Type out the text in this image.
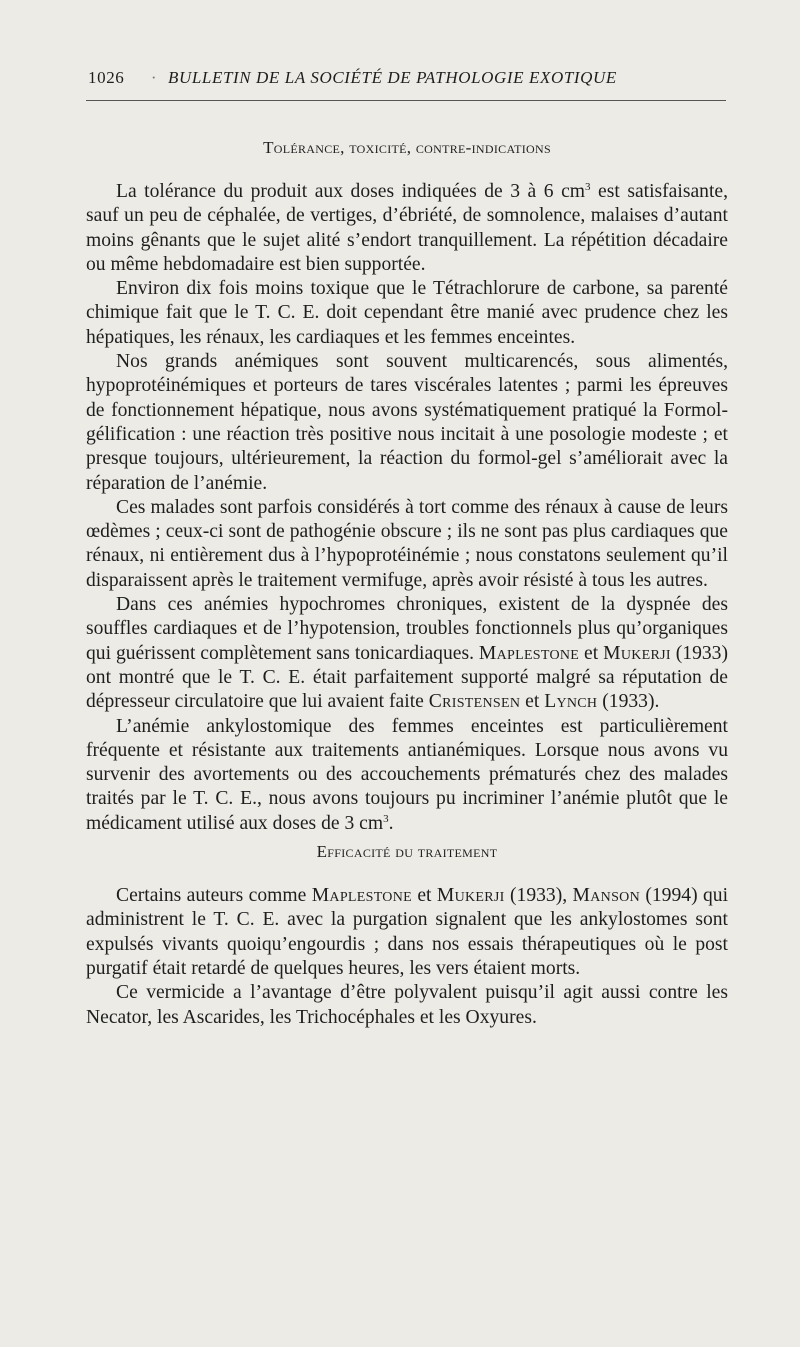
1026 · BULLETIN DE LA SOCIÉTÉ DE PATHOLOGIE EXOTIQUE
Tolérance, toxicité, contre-indications

La tolérance du produit aux doses indiquées de 3 à 6 $cm^3$ est satisfaisante, sauf un peu de céphalée, de vertiges, d’ébriété, de somnolence, malaises d’autant moins gênants que le sujet alité s’endort tranquillement. La répétition décadaire ou même hebdomadaire est bien supportée.

Environ dix fois moins toxique que le Tétrachlorure de carbone, sa parenté chimique fait que le T. C. E. doit cependant être manié avec prudence chez les hépatiques, les rénaux, les cardiaques et les femmes enceintes.

Nos grands anémiques sont souvent multicarencés, sous alimentés, hypoprotéinémiques et porteurs de tares viscérales latentes ; parmi les épreuves de fonctionnement hépatique, nous avons systématiquement pratiqué la Formol-gélification : une réaction très positive nous incitait à une posologie modeste ; et presque toujours, ultérieurement, la réaction du formol-gel s’améliorait avec la réparation de l’anémie.

Ces malades sont parfois considérés à tort comme des rénaux à cause de leurs œdèmes ; ceux-ci sont de pathogénie obscure ; ils ne sont pas plus cardiaques que rénaux, ni entièrement dus à l’hypoprotéinémie ; nous constatons seulement qu’il disparaissent après le traitement vermifuge, après avoir résisté à tous les autres.

Dans ces anémies hypochromes chroniques, existent de la dyspnée des souffles cardiaques et de l’hypotension, troubles fonctionnels plus qu’organiques qui guérissent complètement sans tonicardiaques. Maplestone et Mukerji (1933) ont montré que le T. C. E. était parfaitement supporté malgré sa réputation de dépresseur circulatoire que lui avaient faite Cristensen et Lynch (1933).

L’anémie ankylostomique des femmes enceintes est particulièrement fréquente et résistante aux traitements antianémiques. Lorsque nous avons vu survenir des avortements ou des accouchements prématurés chez des malades traités par le T. C. E., nous avons toujours pu incriminer l’anémie plutôt que le médicament utilisé aux doses de 3 $cm^3$.

Efficacité du traitement

Certains auteurs comme Maplestone et Mukerji (1933), Manson (1994) qui administrent le T. C. E. avec la purgation signalent que les ankylostomes sont expulsés vivants quoiqu’engourdis ; dans nos essais thérapeutiques où le post purgatif était retardé de quelques heures, les vers étaient morts.

Ce vermicide a l’avantage d’être polyvalent puisqu’il agit aussi contre les Necator, les Ascarides, les Trichocéphales et les Oxyures.
